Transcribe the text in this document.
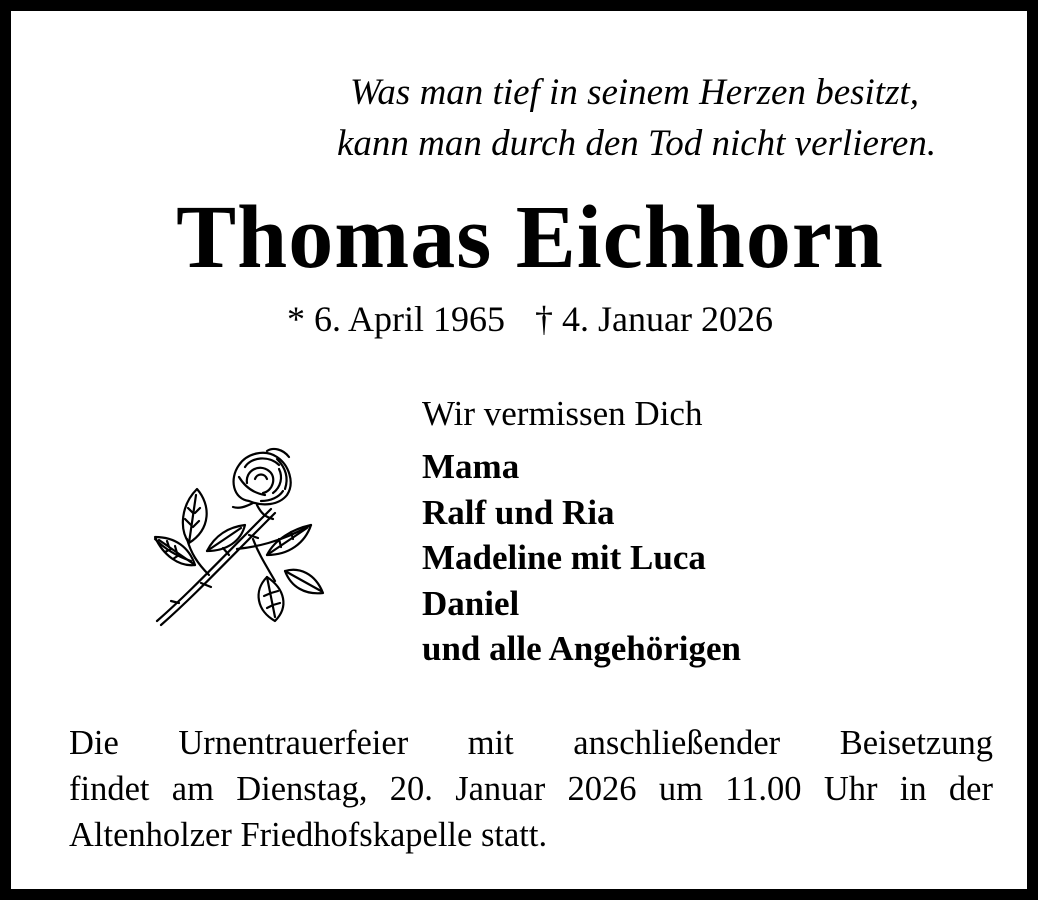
Was man tief in seinem Herzen besitzt,
kann man durch den Tod nicht verlieren.
Thomas Eichhorn
* 6. April 1965 † 4. Januar 2026
Wir vermissen Dich
Mama
Ralf und Ria
Madeline mit Luca
Daniel
und alle Angehörigen

Die Urnentrauerfeier mit anschließender Beisetzung

findet am Dienstag, 20. Januar 2026 um 11.00 Uhr in der

Altenholzer Friedhofskapelle statt.
